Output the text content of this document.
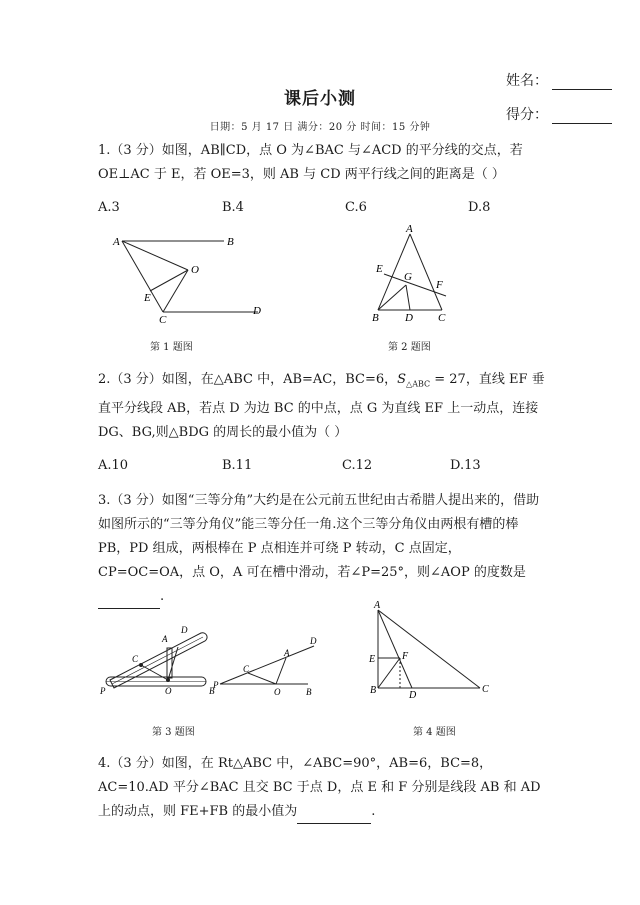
课后小测
姓名：
得分：
日期：5 月 17 日 满分：20 分 时间：15 分钟
1.（3 分）如图，AB∥CD，点 O 为∠BAC 与∠ACD 的平分线的交点，若 OE⊥AC 于 E，若 OE=3，则 AB 与 CD 两平行线之间的距离是（ ）
A.3	B.4	C.6	D.8
A	B
O
E
C
D
第 1 题图
A
E
G
F
B D C
第 2 题图
2.（3 分）如图，在△ABC 中，AB=AC，BC=6，$S_{\triangle ABC} = 27$，直线 EF 垂直平分线段 AB，若点 D 为边 BC 的中点，点 G 为直线 EF 上一动点，连接 DG、BG,则△BDG 的周长的最小值为（ ）
A.10	B.11	C.12	D.13
3.（3 分）如图“三等分角”大约是在公元前五世纪由古希腊人提出来的，借助如图所示的“三等分角仪”能三等分任一角.这个三等分角仪由两根有槽的棒 PB，PD 组成，两根棒在 P 点相连并可绕 P 转动，C 点固定，CP=OC=OA，点 O，A 可在槽中滑动，若∠P=25°，则∠AOP 的度数是.
D
A
C
P	O	B
D
A
C
P
O	B
第 3 题图
A
E	F
B	D
C
第 4 题图
4.（3 分）如图，在 Rt△ABC 中，∠ABC=90°，AB=6，BC=8，AC=10.AD 平分∠BAC 且交 BC 于点 D，点 E 和 F 分别是线段 AB 和 AD 上的动点，则 FE+FB 的最小值为	.
